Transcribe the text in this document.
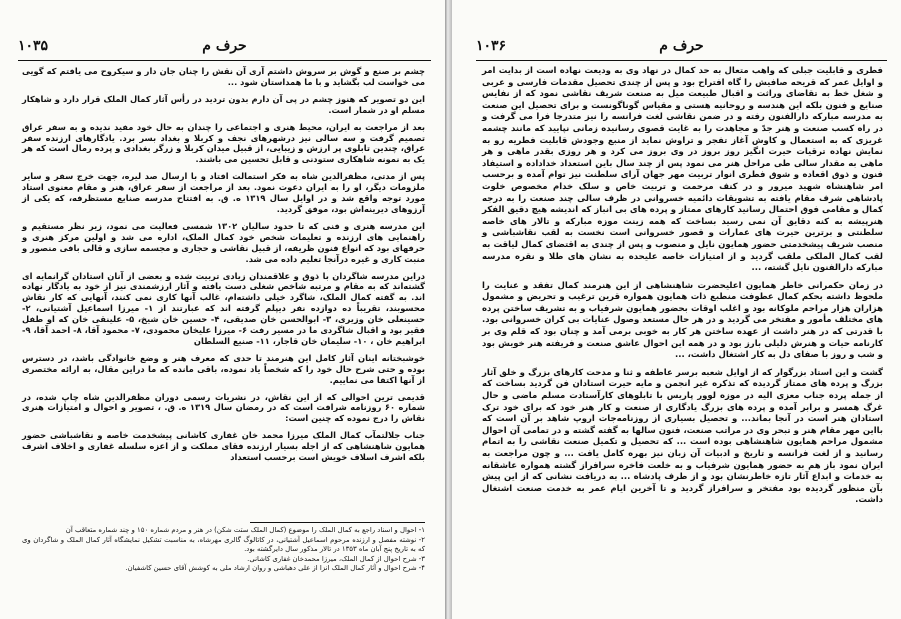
۱۰۳۵	حرف م

چشم بر صنع و گوش بر سروش داشتم آری آن نقش را چنان جان دار و سیکروح می یافتم که گویی می خواست لب بگشاید و با ما همداستان شود ...

این دو تصویر که هنوز چشم در پی آن دارم بدون تردید در رأس آثار کمال الملک قرار دارد و شاهکار مسلم او در شمار است.

بعد از مراجعت به ایران، محیط هنری و اجتماعی را چندان به حال خود مفید ندیده و به سفر عراق تصمیم گرفت و سه سالی نیز درشهرهای نجف و کربلا و بغداد بسر برد. یادگارهای ارزنده سفر عراق، چندین تابلوی پر ارزش و زیبایی، از قبیل میدان کربلا و زرگر بغدادی و پرده رمال است که هر یک به نمونه شاهکاری ستودنی و قابل تحسین می باشند.

پس از مدتی، مظفرالدین شاه به فکر استمالت افتاد و با ارسال صد لیره، جهت خرج سفر و سایر ملزومات دیگر، او را به ایران دعوت نمود. بعد از مراجعت از سفر عراق، هنر و مقام معنوی استاد مورد توجه واقع شد و در اوایل سال ۱۳۱۹ ه. ق. به افتتاح مدرسه صنایع مستظرفه، که یکی از آرزوهای دیرینه‌اش بود، موفق گردید.

این مدرسه هنری و فنی که تا حدود سالیان ۱۳۰۲ شمسی فعالیت می نمود، زیر نظر مستقیم و راهنمایی های ارزنده و تعلیمات شخص خود کمال الملک، اداره می شد و اولین مرکز هنری و حرفهای بود که انواع فنون ظریفه، از قبیل نقاشی و حجاری و مجسمه سازی و قالی بافی منصور و منبت کاری و غیره درآنجا تعلیم داده می شد.

دراین مدرسه شاگردان با ذوق و علاقمندان زیادی تربیت شده و بعضی از آنان استادان گرانمایه ای گشته‌اند که به مقام و مرتبه شاخص شغلی دست یافته و آثار ارزشمندی نیز از خود به یادگار نهاده اند. به گفته کمال الملک، شاگرد خیلی داشته‌ام، غالب آنها کاری نمی کنند، آنهایی که کار نقاش محسوبند، تقریباً ده دوازده نفر دیپلم گرفته اند که عبارتند از ۱- میرزا اسماعیل آشتیانی، ۲- حسینعلی خان وزیری، ۳- ابوالحسن خان صدیقی، ۴- حسین خان شیخ، ۵- علینقی خان که او طفل فقیر بود و اقبال شاگردی ما در مسیر رفت ۶- میرزا علیخان محمودی، ۷- محمود آقا، ۸- احمد آقا، ۹- ابراهیم خان ، ۱۰- سلیمان خان قاجار، ۱۱- صنیع السلطان

خوشبختانه اینان آثار کامل این هنرمند تا حدی که معرف هنر و وضع خانوادگی باشد، در دسترس بوده و حتی شرح حال خود را که شخصاً یاد نموده، باقی مانده که ما دراین مقال، به ارائه مختصری از آنها اکتفا می نماییم.

قدیمی ترین احوالی که از این نقاش، در نشریات رسمی دوران مظفرالدین شاه چاپ شده، در شماره ۶۰ روزنامه شرافت است که در رمضان سال ۱۳۱۹ ه. ق. ، تصویر و احوال و امتیازات هنری نقاش را درج نموده که چنین است:

جناب جلالتمآب کمال الملک میرزا محمد خان غفاری کاشانی پیشخدمت خاصه و نقاشباشی حضور همایون شاهنشاهی که از اجله بسیار ارزنده فقای مملکت و از اعزه سلسله غفاری و اخلاف اشرف بلکه اشرف اسلاف خویش است برحسب استعداد

۱- احوال و اسناد راجع به کمال الملک را موضوع (کمال الملک ستت شکن) در هنر و مردم شماره ۱۵۰ و چند شماره متعاقب آن

۲- نوشته مفصل و ارزنده مرحوم اسماعیل آشتیانی، در کاتالوگ گالری مهرشاه، به مناسبت تشکیل نمایشگاه آثار کمال الملک و شاگردان وی که به تاریخ پنج آبان ماه ۱۳۵۳ در تالار مذکور سال دایرگشته بود.

۳- شرح احوال از کمال الملک، میرزا محمدخان غفاری کاشانی.

۴- شرح احوال و آثار کمال الملک انزا از علی دهباشی و روان ارشاد ملی به کوشش آقای حسین کاشفیان.

۱۰۳۶	حرف م

فطری و قابلیت جبلی که واهب متعال به حد کمال در نهاد وی به ودیعت نهاده است از بدایت امر و اوایل عمر که قریحه صافیش را گاه افتراح بود و پس از چندی تحصیل مقدمات فارسی و عربی و شغل خط به تقاضای وراثت و اقبال طبیعت میل به صنعت شریف نقاشی نمود که از نفایس صنایع و فنون بلکه این هندسه و روحانیه هستی و مقیاس گوناگونست و برای تحصیل این صنعت به مدرسه مبارکه دارالفنون رفته و در ضمن نقاشی لغت فرانسه را نیز متدرجا فرا می گرفت و در راه کسب صنعت و هنر جدّ و مجاهدت را به غایت قصوی رسانیده زمانی نپایید که مانند چشمه غریزی که به استعمال و کاوش آغاز تفجر و تراوش نماید از منبع وجودش قابلیت فطریه رو به نمایش نهاده ترقیات حیرت انگیز روز بروز در وی بروز می کرد و هر روزی بقدر ماهی و هر ماهی به مقدار سالی طی مراحل هنر می نمود پس از چند سال باین استعداد خداداده و استیفاد فنون و ذوق اقعاده و شوق فطری انوار تربیت مهر جهان آرای سلطنت نیز توام آمده و برحسب امر شاهنشاه شهید میرور و در کنف مرحمت و تربیت خاص و سلک خدام مخصوص خلوت پادشاهی شرف مقام یافته به تشویقات دائمیه خسروانی در ظرف سالی چند صنعت را به درجه کمال و مقامی فوق احتمال رسانید کارهای ممتاز و پرده های بی انباز که اندیشه هیچ دقیق الفکر هنرپیشه به کنه دقایق آن نمی رسید بساخت که همه زینت موزه مبارکه و تالار های خاصه سلطنتی و برترین حیرت های عمارات و قصور خسروانی است نخست به لقب نقاشباشی و منصب شریف پیشخدمتی حضور همایون نایل و منصوب و پس از چندی به اقتضای کمال لیاقت به لقب کمال الملکی ملقب گردید و از امتیازات خاصه علیحده به نشان های طلا و نقره مدرسه مبارکه دارالفنون نایل گشته، ...

در زمان حکمرانی خاطر همایون اعلیحضرت شاهنشاهی از این هنرمند کمال تفقد و عنایت را ملحوظ داشته بحکم کمال عطوفت منطبع ذات همایون همواره قرین ترغیب و تحریض و مشمول هزاران هزار مراحم ملوکانه بود و اغلب اوقات بحضور همایون شرفیاب و به تشریف ساختن پرده های مختلف مأمور و مفتخر می گردید و در هر حال مستعد وصول عنایات بی کران خسروانی بود. با قدرتی که در هنر داشت از عهده ساختن هر کار به خوبی برمی آمد و چنان بود که قلم وی بر کارنامه حیات و هنرش دلیلی بارز بود و در همه این احوال عاشق صنعت و فریفته هنر خویش بود و شب و روز با صفای دل به کار اشتغال داشت، ...

گشت و این استاد بزرگوار که از اوایل شعبه برسر عاطفه و ثنا و مدحت کارهای بزرگ و خلق آثار بزرگ و پرده های ممتاز گردیده که تذکره غیر انجمن و مایه حیرت استادان فن گردید بساخت که از جمله پرده جناب معزی الیه در موزه لوور پاریس با تابلوهای کارآستادت مسلم ماضی و حال غرگ همسر و برابر آمده و پرده های بزرگ یادگاری از صنعت و کار هنر خود که برای خود ترک استادان هنر است در آنجا بماند... و تحصیل بسیاری از روزنامه‌جات اروپ شاهد بر آن است که بااین مهر مقام هنر و تبحر وی در مراتب صنعت، فنون سالها به گفته گشته و در تمامی آن احوال مشمول مراحم همایون شاهنشاهی بوده است ... که تحصیل و تکمیل صنعت نقاشی را به اتمام رسانید و از لغت فرانسه و تاریخ و ادبیات آن زبان نیز بهره کامل یافت ... و چون مراجعت به ایران نمود باز هم به حضور همایون شرفیاب و به خلعت فاخره سرافراز گشته همواره عاشقانه به خدمات و ابداع آثار تازه خاطرنشان بود و از طرف پادشاه ... به دریافت نشانی که از این پیش بآن منظور گردیده بود مفتخر و سرافراز گردید و تا آخرین ایام عمر به خدمت صنعت اشتغال داشت.
